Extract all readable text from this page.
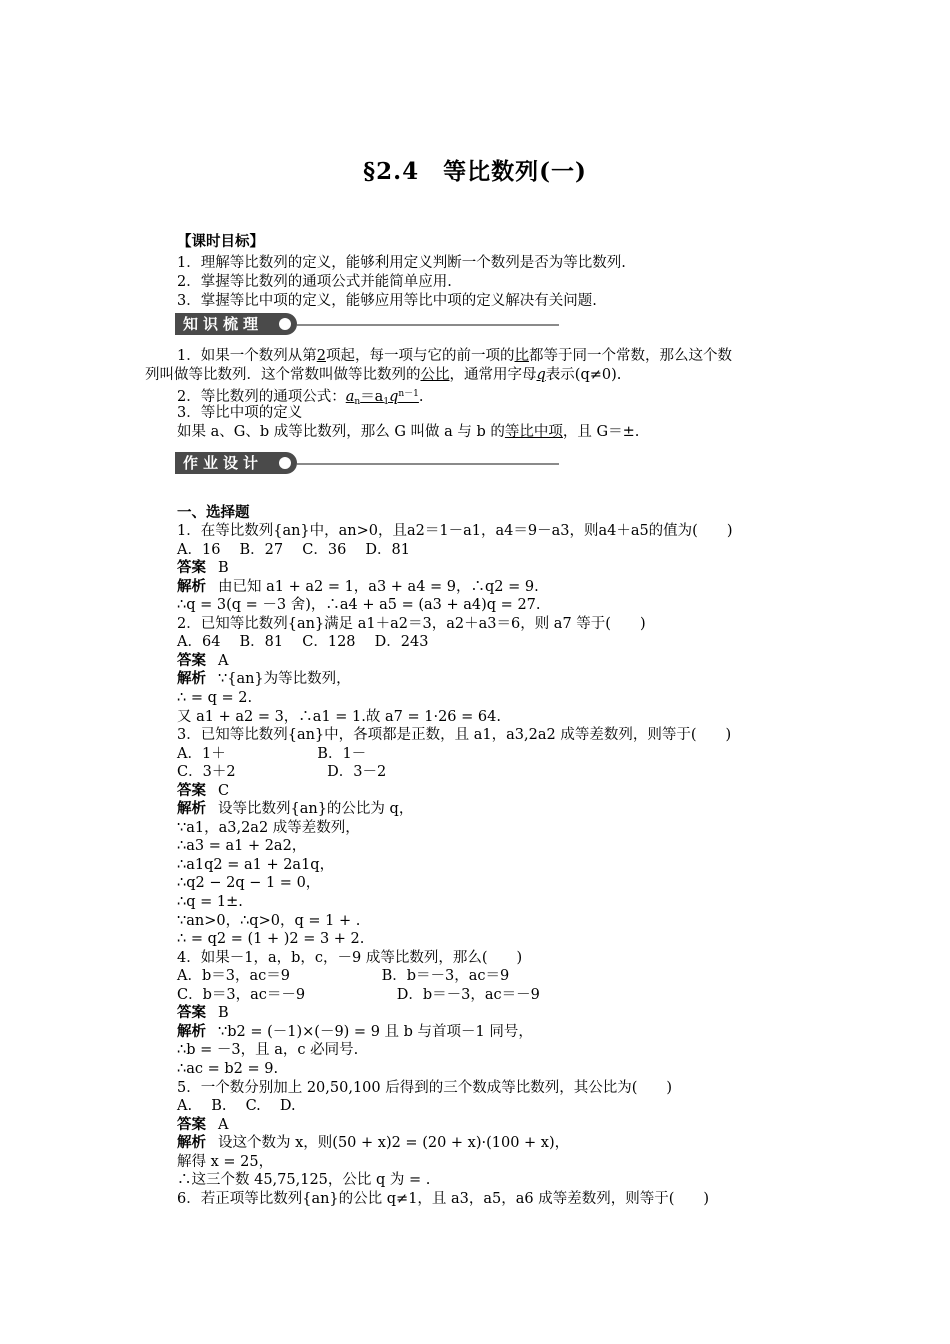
§2.4　等比数列(一)
【课时目标】
1．理解等比数列的定义，能够利用定义判断一个数列是否为等比数列.
2．掌握等比数列的通项公式并能简单应用.
3．掌握等比中项的定义，能够应用等比中项的定义解决有关问题.
知识梳理
1．如果一个数列从第2项起，每一项与它的前一项的比都等于同一个常数，那么这个数
列叫做等比数列．这个常数叫做等比数列的公比，通常用字母q表示(q≠0).
2．等比数列的通项公式：$a_n=a_1q^{n-1}$.
3．等比中项的定义
如果 a、G、b 成等比数列，那么 G 叫做 a 与 b 的等比中项，且 G＝±.
作业设计
一、选择题
1．在等比数列{an}中，an>0，且a2＝1－a1，a4＝9－a3，则a4＋a5的值为(　　)
A．16　 B．27　 C．36　 D．81
答案 B
解析 由已知 a1 + a2 = 1，a3 + a4 = 9，∴q2 = 9.
∴q = 3(q = －3 舍)，∴a4 + a5 = (a3 + a4)q = 27.
2．已知等比数列{an}满足 a1＋a2＝3，a2＋a3＝6，则 a7 等于(　　)
A．64　 B．81　 C．128　 D．243
答案 A
解析 ∵{an}为等比数列，
∴ = q = 2.
又 a1 + a2 = 3，∴a1 = 1.故 a7 = 1·26 = 64.
3．已知等比数列{an}中，各项都是正数，且 a1，a3,2a2 成等差数列，则等于(　　)
A．1＋　　　　　　 B．1－
C．3＋2　　　　　　 D．3－2
答案 C
解析 设等比数列{an}的公比为 q，
∵a1，a3,2a2 成等差数列，
∴a3 = a1 + 2a2，
∴a1q2 = a1 + 2a1q，
∴q2 − 2q − 1 = 0，
∴q = 1±.
∵an>0，∴q>0，q = 1 + .
∴ = q2 = (1 + )2 = 3 + 2.
4．如果－1，a，b，c，－9 成等比数列，那么(　　)
A．b＝3，ac＝9　　　　　　 B．b＝－3，ac＝9
C．b＝3，ac＝－9　　　　　　 D．b＝－3，ac＝－9
答案 B
解析 ∵b2 = (－1)×(－9) = 9 且 b 与首项－1 同号，
∴b = －3，且 a，c 必同号.
∴ac = b2 = 9.
5．一个数分别加上 20,50,100 后得到的三个数成等比数列，其公比为(　　)
A.　 B.　 C.　 D.
答案 A
解析 设这个数为 x，则(50 + x)2 = (20 + x)·(100 + x)，
解得 x = 25，
∴这三个数 45,75,125，公比 q 为 = .
6．若正项等比数列{an}的公比 q≠1，且 a3，a5，a6 成等差数列，则等于(　　)
